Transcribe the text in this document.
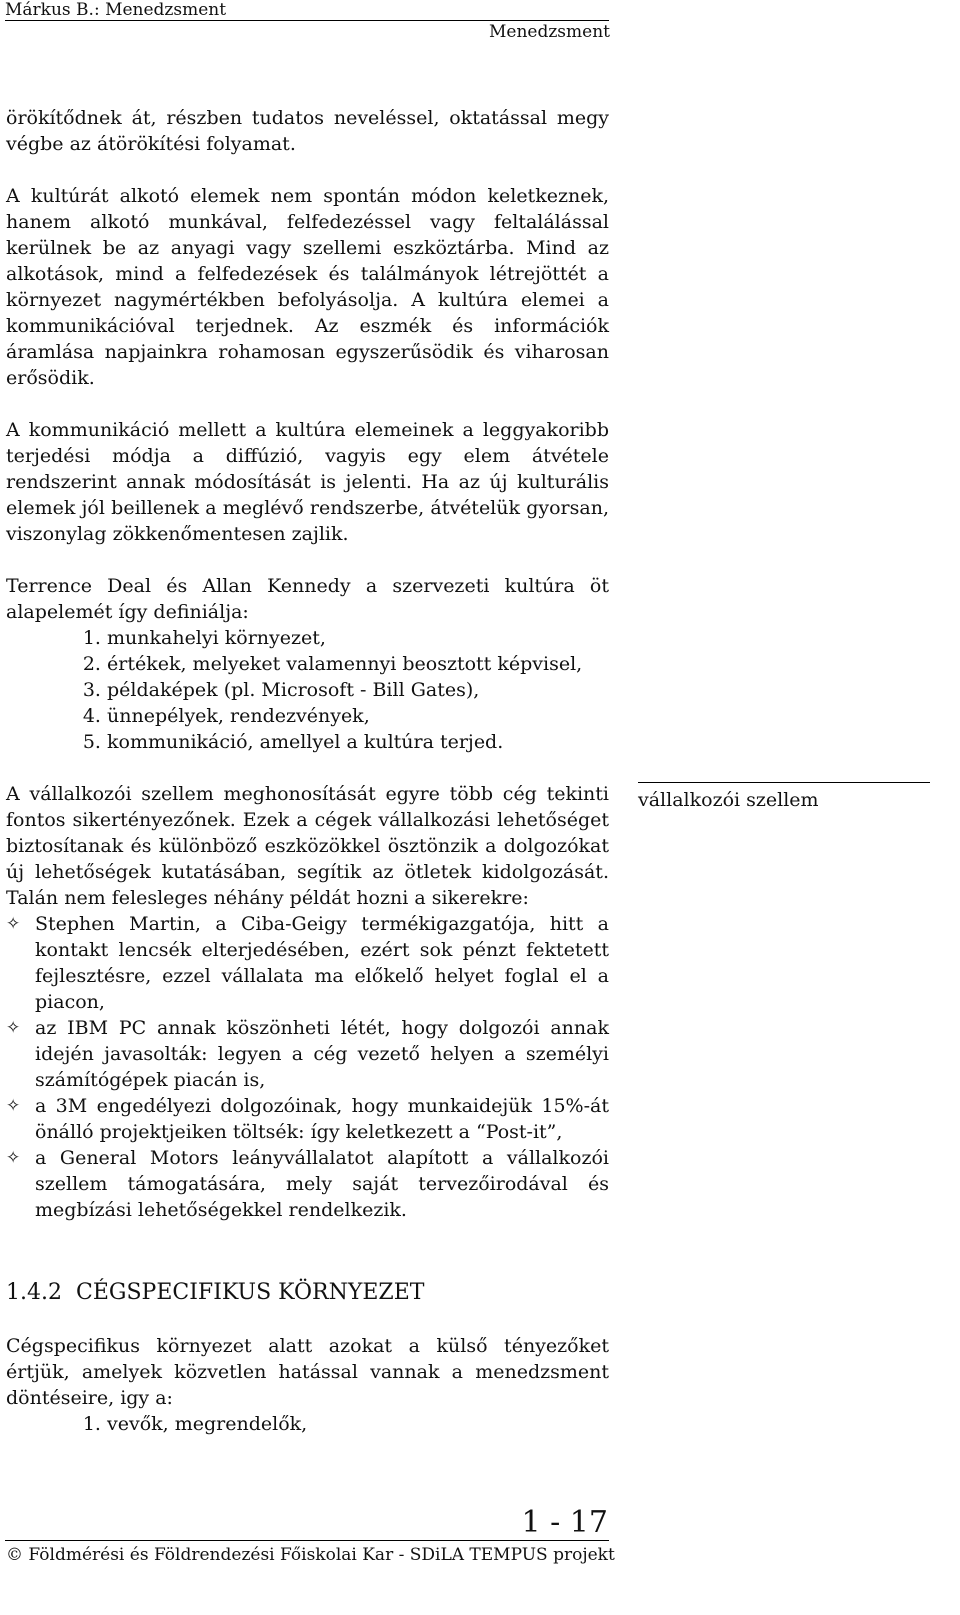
Márkus B.: Menedzsment
Menedzsment

örökítődnek át, részben tudatos neveléssel, oktatással megy végbe az átörökítési folyamat.

A kultúrát alkotó elemek nem spontán módon keletkeznek, hanem alkotó munkával, felfedezéssel vagy feltalálással kerülnek be az anyagi vagy szellemi eszköztárba. Mind az alkotások, mind a felfedezések és találmányok létrejöttét a környezet nagymértékben befolyásolja. A kultúra elemei a kommunikációval terjednek. Az eszmék és információk áramlása napjainkra rohamosan egyszerűsödik és viharosan erősödik.

A kommunikáció mellett a kultúra elemeinek a leggyakoribb terjedési módja a diffúzió, vagyis egy elem átvétele rendszerint annak módosítását is jelenti. Ha az új kulturális elemek jól beillenek a meglévő rendszerbe, átvételük gyorsan, viszonylag zökkenőmentesen zajlik.

Terrence Deal és Allan Kennedy a szervezeti kultúra öt alapelemét így definiálja:

1. munkahelyi környezet,
2. értékek, melyeket valamennyi beosztott képvisel,
3. példaképek (pl. Microsoft - Bill Gates),
4. ünnepélyek, rendezvények,
5. kommunikáció, amellyel a kultúra terjed.

A vállalkozói szellem meghonosítását egyre több cég tekinti fontos sikertényezőnek. Ezek a cégek vállalkozási lehetőséget biztosítanak és különböző eszközökkel ösztönzik a dolgozókat új lehetőségek kutatásában, segítik az ötletek kidolgozását. Talán nem felesleges néhány példát hozni a sikerekre:

✧ Stephen Martin, a Ciba-Geigy termékigazgatója, hitt a kontakt lencsék elterjedésében, ezért sok pénzt fektetett fejlesztésre, ezzel vállalata ma előkelő helyet foglal el a piacon,
✧ az IBM PC annak köszönheti létét, hogy dolgozói annak idején javasolták: legyen a cég vezető helyen a személyi számítógépek piacán is,
✧ a 3M engedélyezi dolgozóinak, hogy munkaidejük 15%-át önálló projektjeiken töltsék: így keletkezett a “Post-it”,
✧ a General Motors leányvállalatot alapított a vállalkozói szellem támogatására, mely saját tervezőirodával és megbízási lehetőségekkel rendelkezik.
vállalkozói szellem
1.4.2 CÉGSPECIFIKUS KÖRNYEZET

Cégspecifikus környezet alatt azokat a külső tényezőket értjük, amelyek közvetlen hatással vannak a menedzsment döntéseire, igy a:

1. vevők, megrendelők,
1 - 17
© Földmérési és Földrendezési Főiskolai Kar - SDiLA TEMPUS projekt
